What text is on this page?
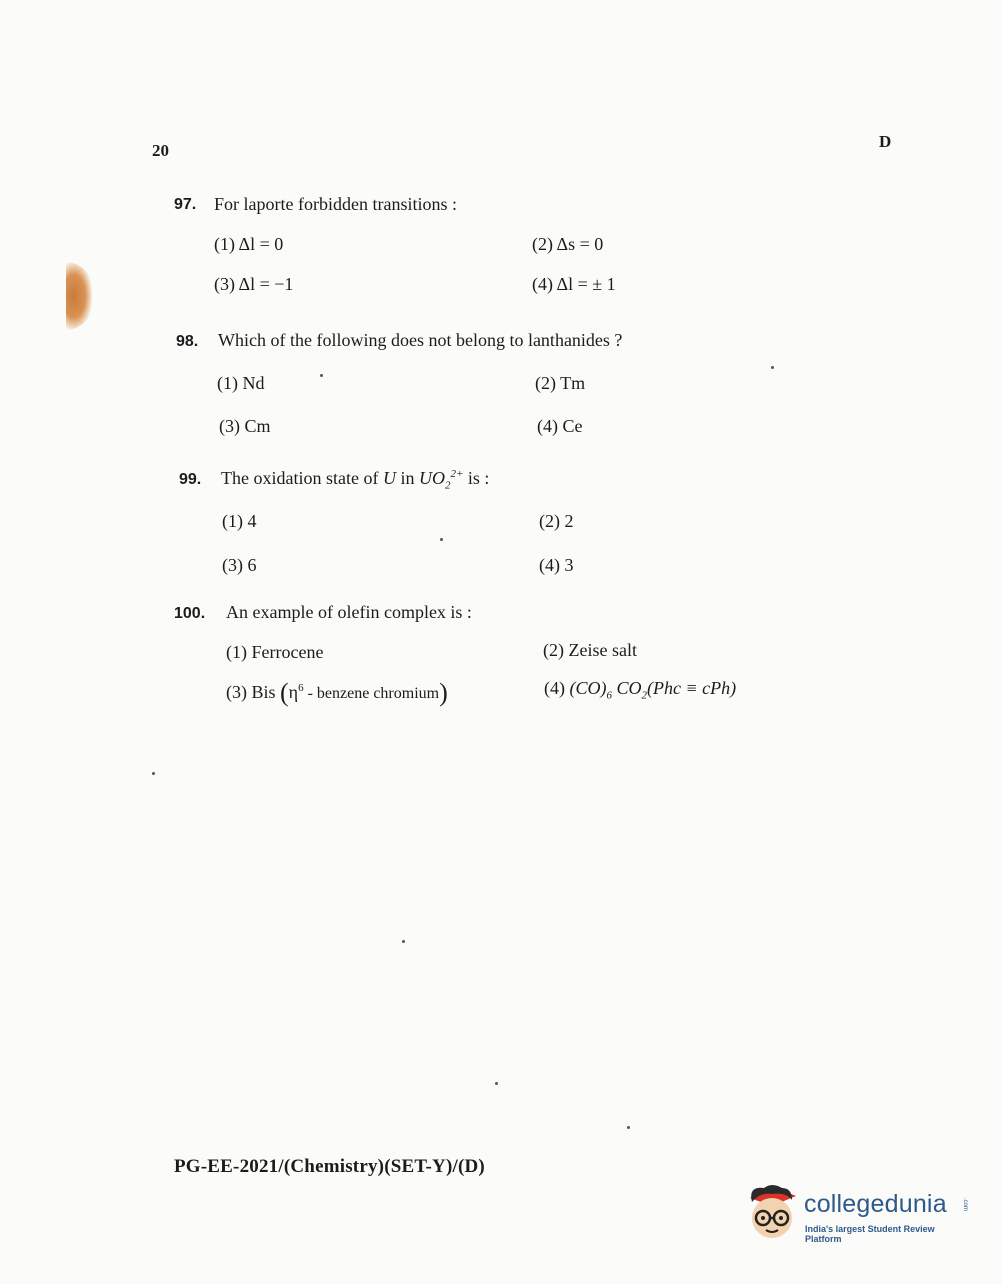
20	D
97. For laporte forbidden transitions :
(1) Δl = 0	(2) Δs = 0
(3) Δl = −1	(4) Δl = ± 1
98. Which of the following does not belong to lanthanides ?
(1) Nd	(2) Tm
(3) Cm	(4) Ce
99. The oxidation state of U in $UO_2^{2+}$ is :
(1) 4	(2) 2
(3) 6	(4) 3
100. An example of olefin complex is :
(1) Ferrocene	(2) Zeise salt
(3) Bis ($\eta^6$ - benzene chromium)	(4) $(CO)_6$ $CO_2(Phc \equiv cPh)$
PG-EE-2021/(Chemistry)(SET-Y)/(D)
collegedunia	.com
India's largest Student Review Platform
